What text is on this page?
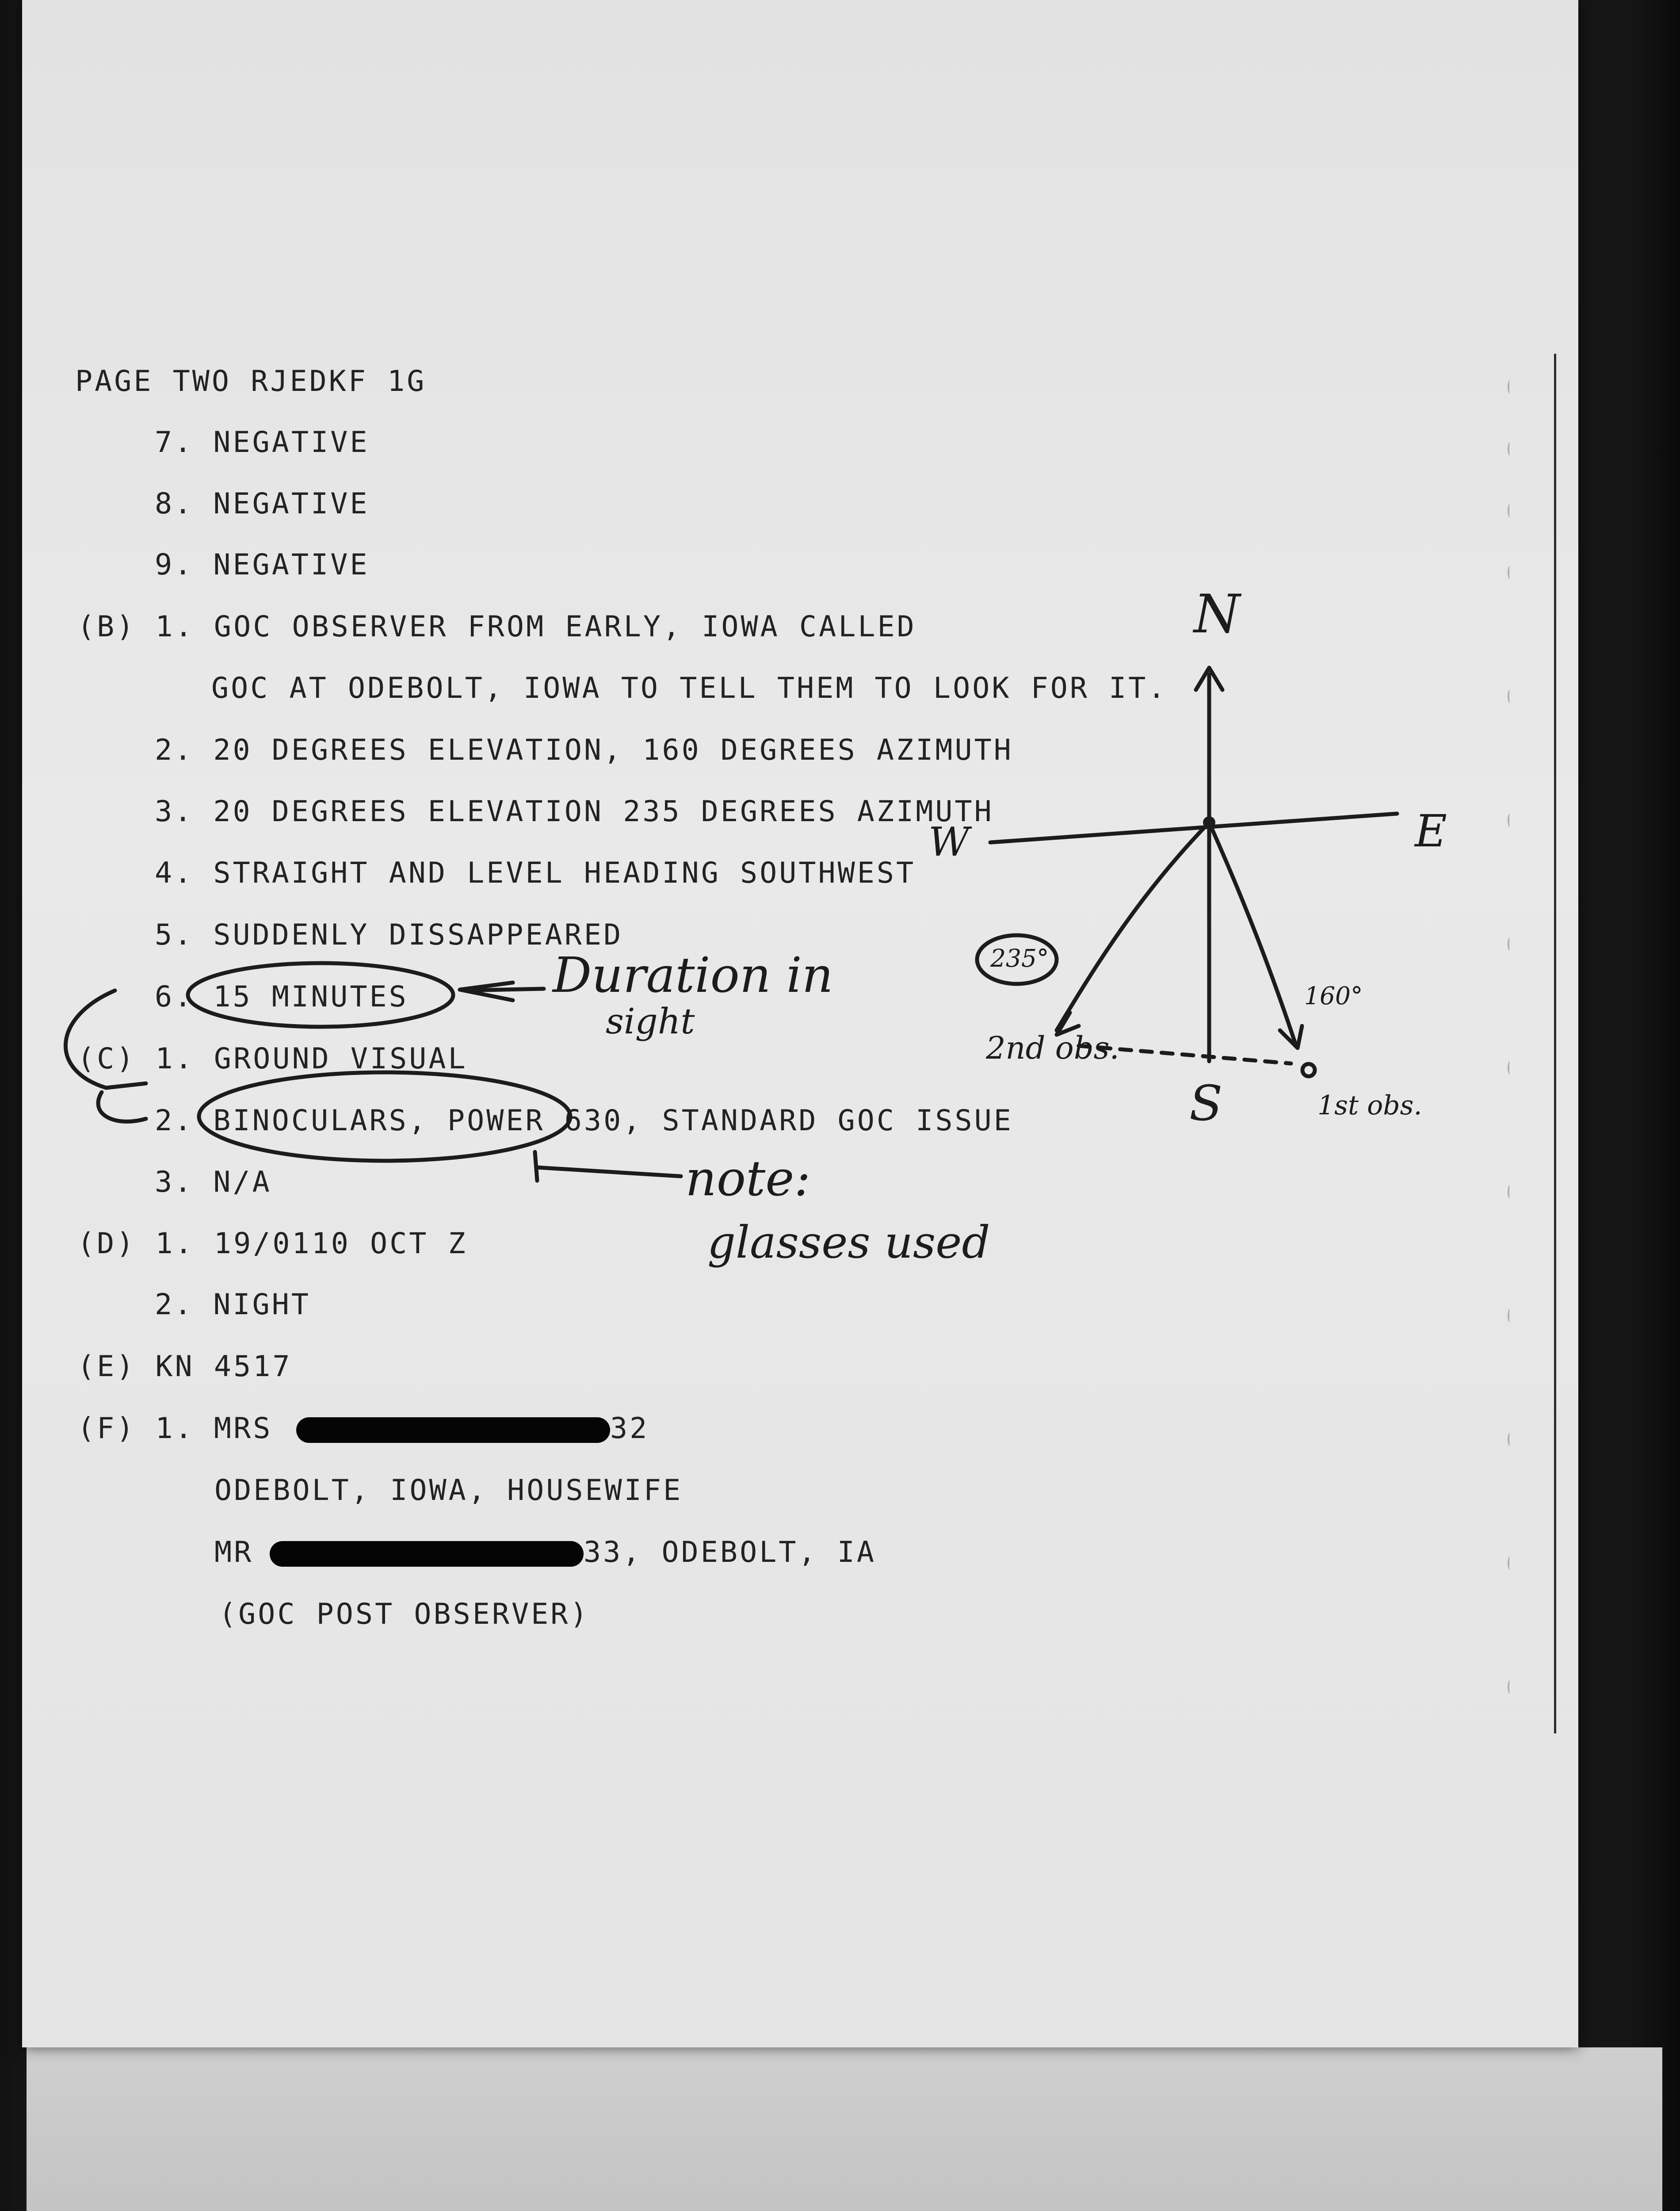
PAGE TWO RJEDKF 1G
7. NEGATIVE
8. NEGATIVE
9. NEGATIVE
(B) 1. GOC OBSERVER FROM EARLY, IOWA CALLED
GOC AT ODEBOLT, IOWA TO TELL THEM TO LOOK FOR IT.
2. 20 DEGREES ELEVATION, 160 DEGREES AZIMUTH
3. 20 DEGREES ELEVATION 235 DEGREES AZIMUTH
4. STRAIGHT AND LEVEL HEADING SOUTHWEST
5. SUDDENLY DISSAPPEARED
6. 15 MINUTES
(C) 1. GROUND VISUAL
2. BINOCULARS, POWER 630, STANDARD GOC ISSUE
3. N/A
(D) 1. 19/0110 OCT Z
2. NIGHT
(E) KN 4517
(F) 1. MRS	32
ODEBOLT, IOWA, HOUSEWIFE
MR	33, ODEBOLT, IA
(GOC POST OBSERVER)
Duration in
sight
note:
glasses used
N
S
W	E
235°
160°
2nd obs.
1st obs.
